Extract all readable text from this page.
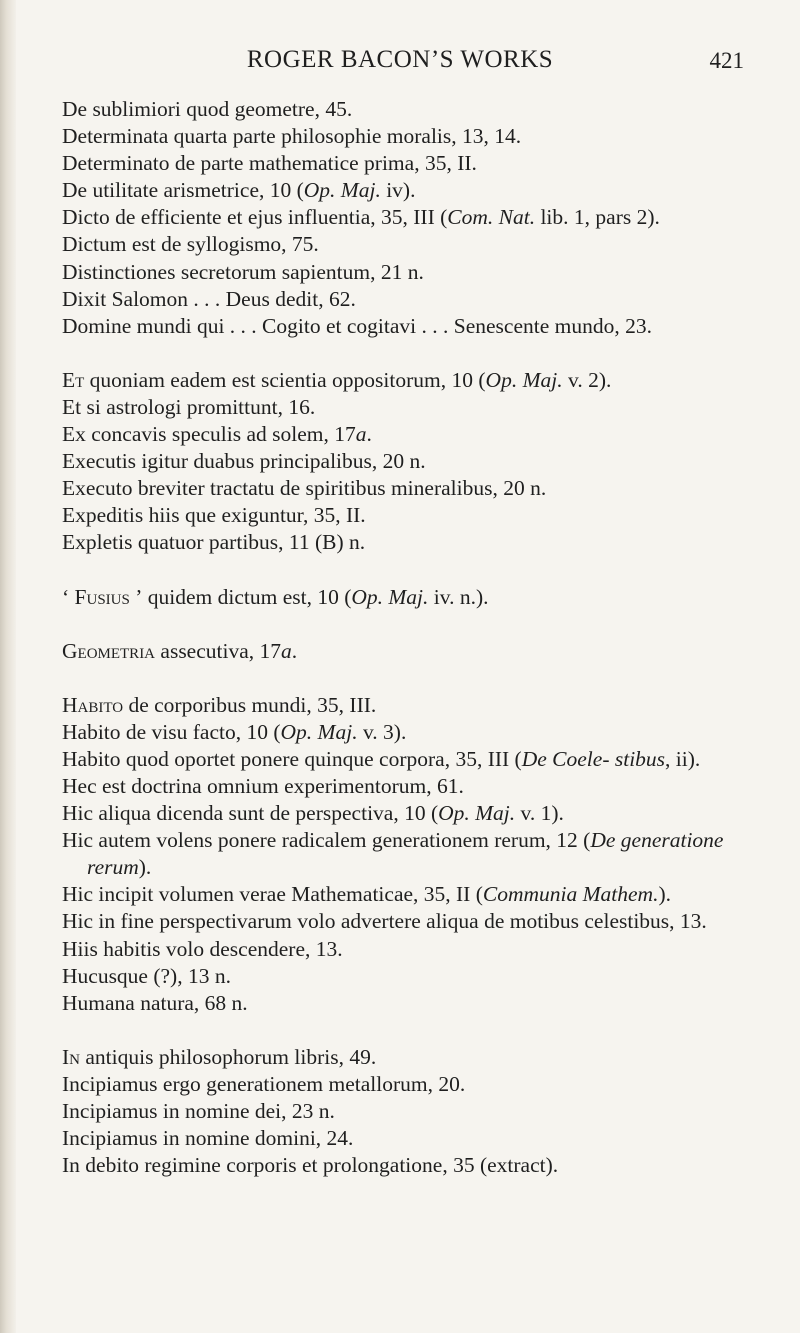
ROGER BACON’S WORKS	421
De sublimiori quod geometre, 45.
Determinata quarta parte philosophie moralis, 13, 14.
Determinato de parte mathematice prima, 35, II.
De utilitate arismetrice, 10 (Op. Maj. iv).
Dicto de efficiente et ejus influentia, 35, III (Com. Nat. lib. 1, pars 2).
Dictum est de syllogismo, 75.
Distinctiones secretorum sapientum, 21 n.
Dixit Salomon . . . Deus dedit, 62.
Domine mundi qui . . . Cogito et cogitavi . . . Senescente mundo, 23.
Et quoniam eadem est scientia oppositorum, 10 (Op. Maj. v. 2).
Et si astrologi promittunt, 16.
Ex concavis speculis ad solem, 17a.
Executis igitur duabus principalibus, 20 n.
Executo breviter tractatu de spiritibus mineralibus, 20 n.
Expeditis hiis que exiguntur, 35, II.
Expletis quatuor partibus, 11 (B) n.
‘ Fusius ’ quidem dictum est, 10 (Op. Maj. iv. n.).
Geometria assecutiva, 17a.
Habito de corporibus mundi, 35, III.
Habito de visu facto, 10 (Op. Maj. v. 3).
Habito quod oportet ponere quinque corpora, 35, III (De Coele- stibus, ii).
Hec est doctrina omnium experimentorum, 61.
Hic aliqua dicenda sunt de perspectiva, 10 (Op. Maj. v. 1).
Hic autem volens ponere radicalem generationem rerum, 12 (De generatione rerum).
Hic incipit volumen verae Mathematicae, 35, II (Communia Mathem.).
Hic in fine perspectivarum volo advertere aliqua de motibus celestibus, 13.
Hiis habitis volo descendere, 13.
Hucusque (?), 13 n.
Humana natura, 68 n.
In antiquis philosophorum libris, 49.
Incipiamus ergo generationem metallorum, 20.
Incipiamus in nomine dei, 23 n.
Incipiamus in nomine domini, 24.
In debito regimine corporis et prolongatione, 35 (extract).
